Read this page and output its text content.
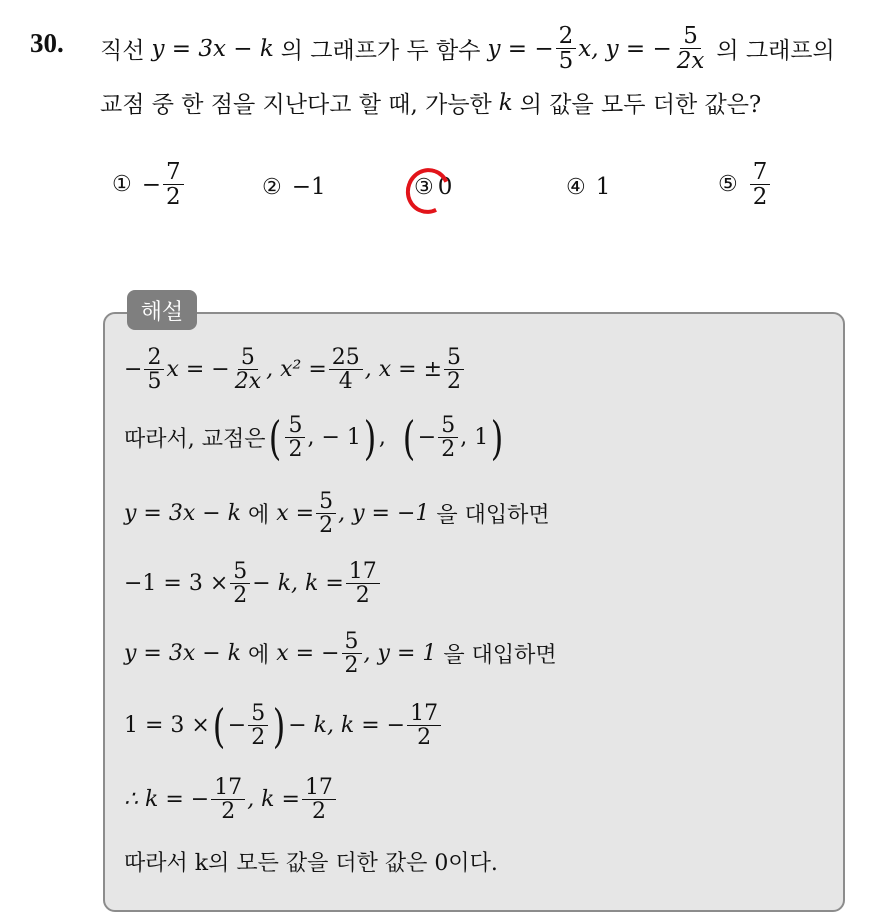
30. 직선 y = 3x − k 의 그래프가 두 함수 y = − $\frac{2}{5} x$, y = − $\frac{5}{2x}$ 의 그래프의
교점 중 한 점을 지난다고 할 때, 가능한 k 의 값을 모두 더한 값은?
① − $\frac{7}{2}$	② −1	③ 0	④ 1	⑤ $\frac{7}{2}$
해설
− $\frac{2}{5}$ x = − $\frac{5}{2x}$ , $x^2 = \frac{25}{4}$ , x = ± $\frac{5}{2}$
따라서, 교점은 ( $\frac{5}{2}$ , − 1 ) , ( − $\frac{5}{2}$ , 1 )
y = 3x − k 에 $x = \frac{5}{2}$ , y = −1 을 대입하면
$-1 = 3 \times \frac{5}{2} - k$, $k = \frac{17}{2}$
y = 3x − k 에 x = − $\frac{5}{2}$ , y = 1 을 대입하면
1 = 3 × ( − $\frac{5}{2}$ ) − k, k = − $\frac{17}{2}$
∴ k = − $\frac{17}{2}$ , $k = \frac{17}{2}$
따라서 k의 모든 값을 더한 값은 0이다.
